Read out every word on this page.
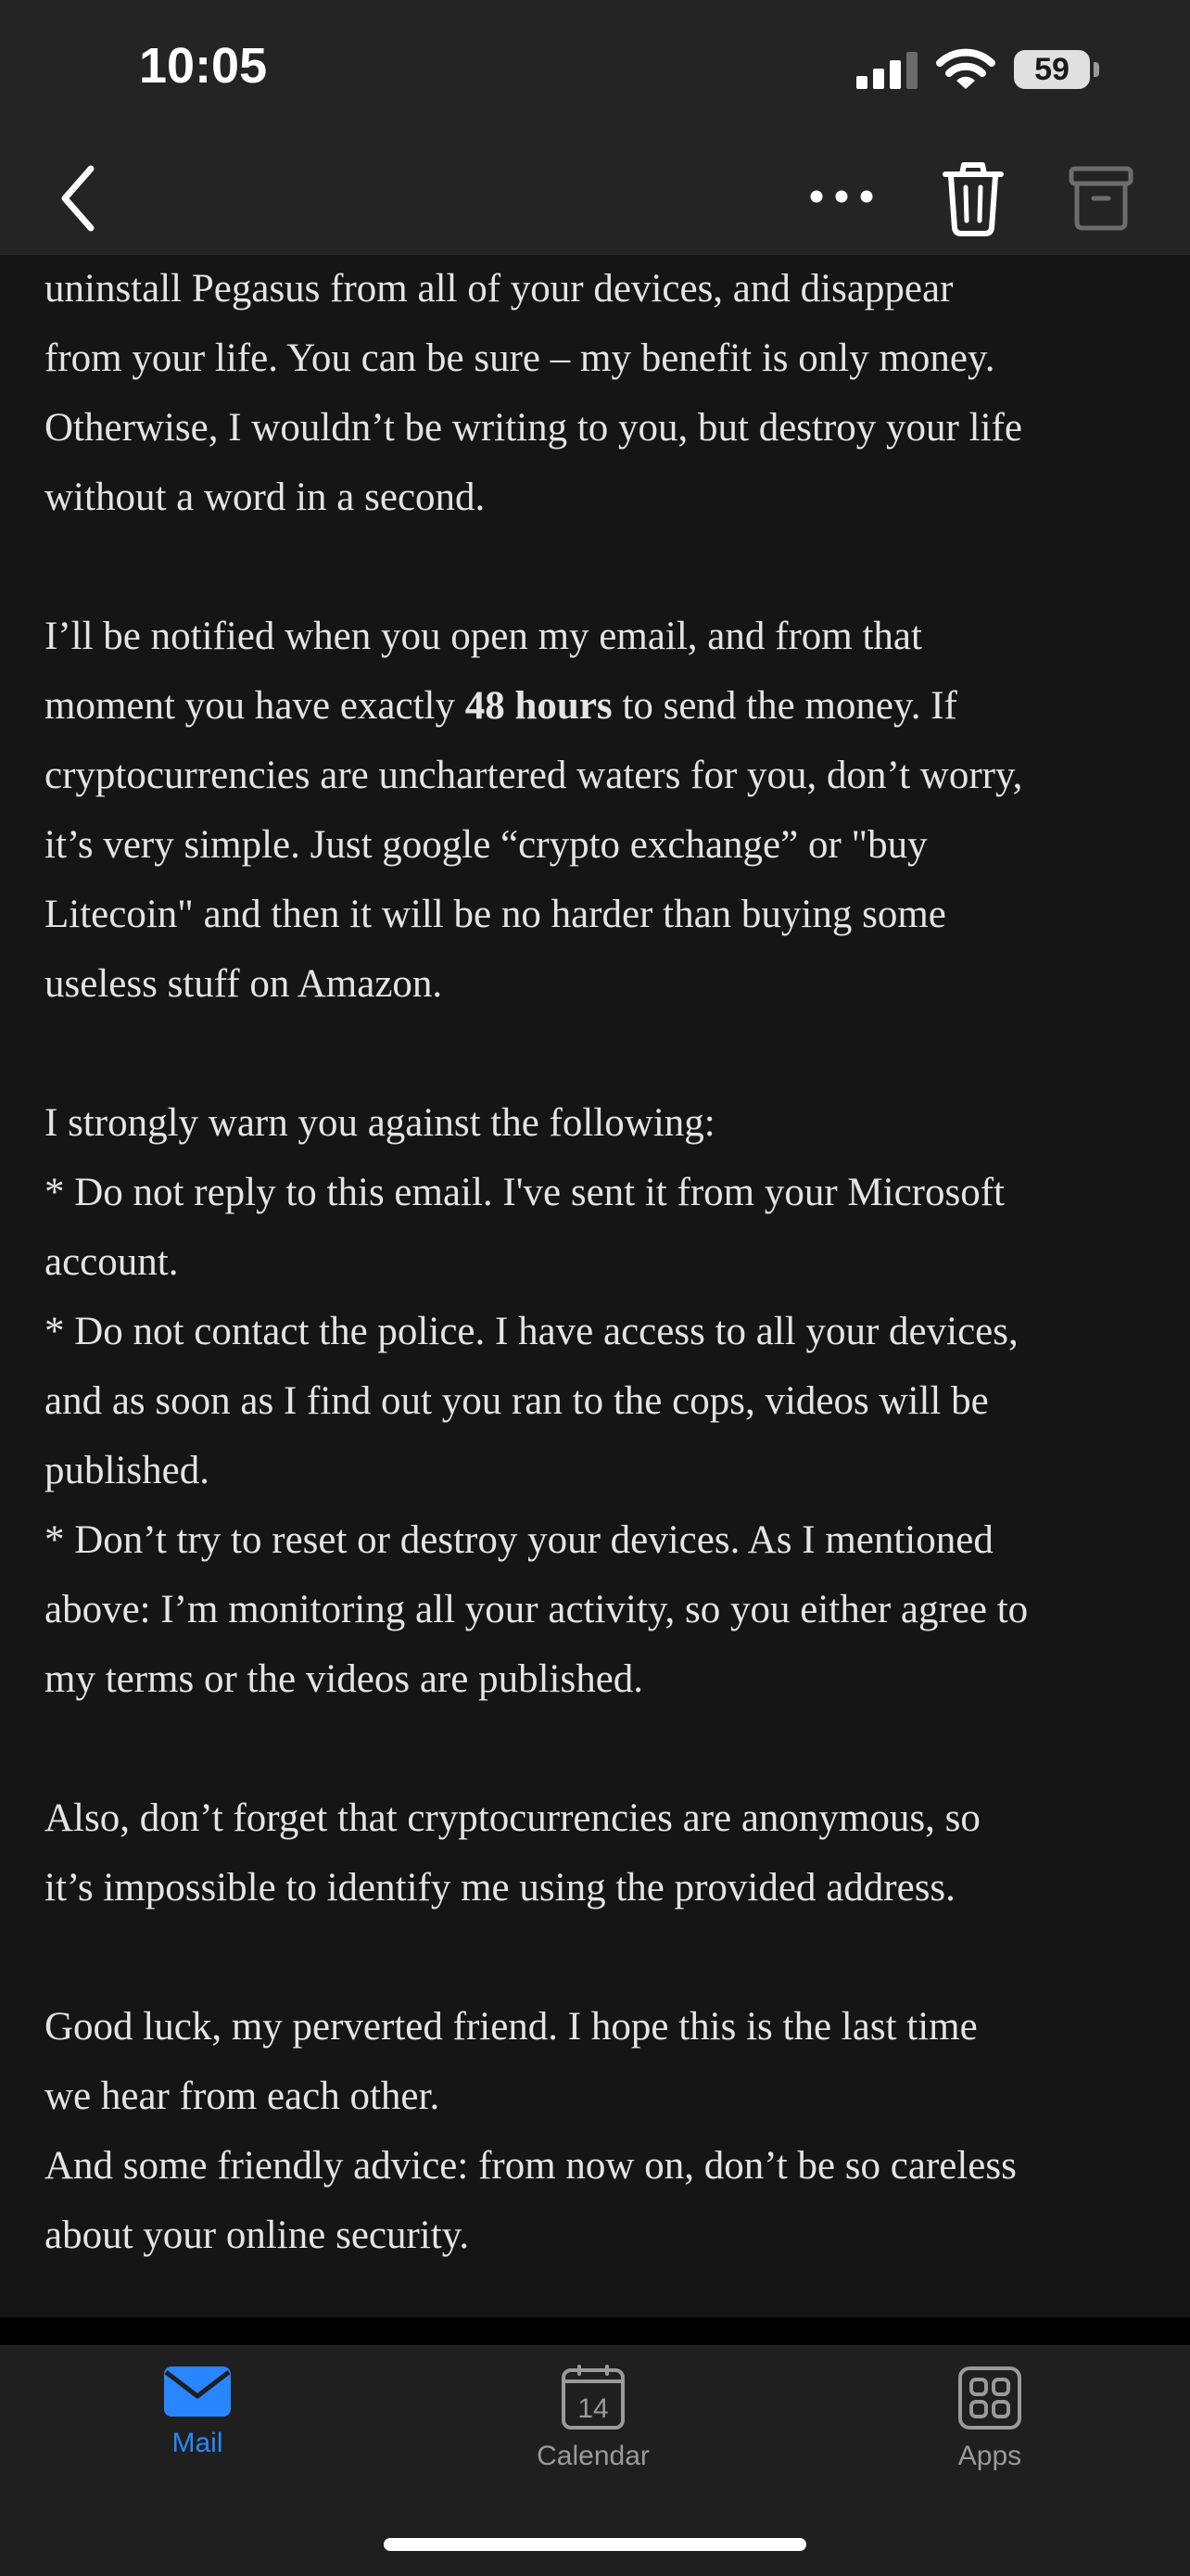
10:05	59

uninstall Pegasus from all of your devices, and disappear
from your life. You can be sure – my benefit is only money.
Otherwise, I wouldn’t be writing to you, but destroy your life
without a word in a second.

I’ll be notified when you open my email, and from that
moment you have exactly 48 hours to send the money. If
cryptocurrencies are unchartered waters for you, don’t worry,
it’s very simple. Just google “crypto exchange” or "buy
Litecoin" and then it will be no harder than buying some
useless stuff on Amazon.

I strongly warn you against the following:
* Do not reply to this email. I've sent it from your Microsoft
account.
* Do not contact the police. I have access to all your devices,
and as soon as I find out you ran to the cops, videos will be
published.
* Don’t try to reset or destroy your devices. As I mentioned
above: I’m monitoring all your activity, so you either agree to
my terms or the videos are published.

Also, don’t forget that cryptocurrencies are anonymous, so
it’s impossible to identify me using the provided address.

Good luck, my perverted friend. I hope this is the last time
we hear from each other.
And some friendly advice: from now on, don’t be so careless
about your online security.

Mail
14
Calendar	Apps
